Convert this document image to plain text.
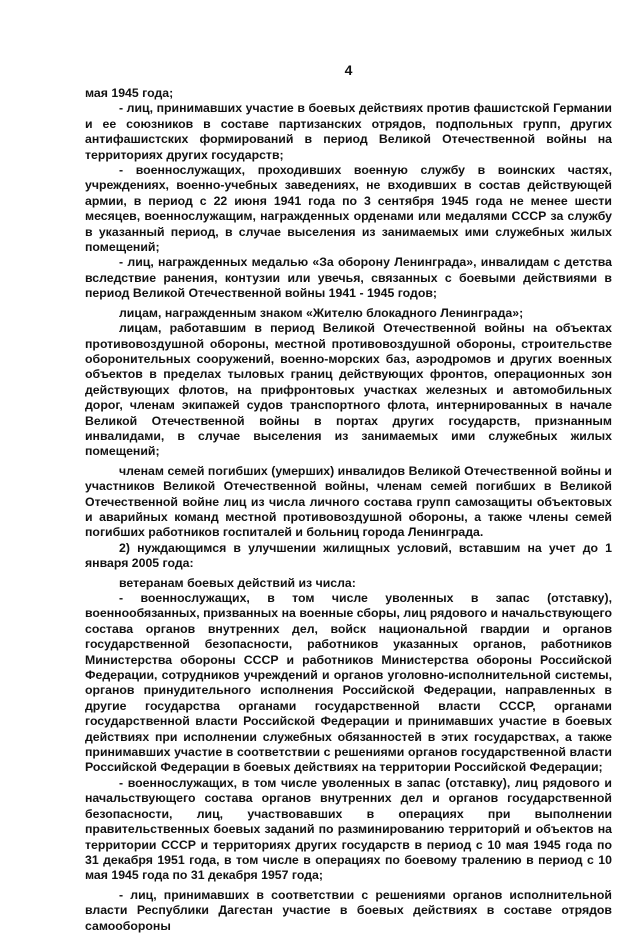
4

мая 1945 года;

- лиц, принимавших участие в боевых действиях против фашистской Германии и ее союзников в составе партизанских отрядов, подпольных групп, других антифашистских формирований в период Великой Отечественной войны на территориях других государств;

- военнослужащих, проходивших военную службу в воинских частях, учреждениях, военно-учебных заведениях, не входивших в состав действующей армии, в период с 22 июня 1941 года по 3 сентября 1945 года не менее шести месяцев, военнослужащим, награжденных орденами или медалями СССР за службу в указанный период, в случае выселения из занимаемых ими служебных жилых помещений;

- лиц, награжденных медалью «За оборону Ленинграда», инвалидам с детства вследствие ранения, контузии или увечья, связанных с боевыми действиями в период Великой Отечественной войны 1941 - 1945 годов;

лицам, награжденным знаком «Жителю блокадного Ленинграда»;

лицам, работавшим в период Великой Отечественной войны на объектах противовоздушной обороны, местной противовоздушной обороны, строительстве оборонительных сооружений, военно-морских баз, аэродромов и других военных объектов в пределах тыловых границ действующих фронтов, операционных зон действующих флотов, на прифронтовых участках железных и автомобильных дорог, членам экипажей судов транспортного флота, интернированных в начале Великой Отечественной войны в портах других государств, признанным инвалидами, в случае выселения из занимаемых ими служебных жилых помещений;

членам семей погибших (умерших) инвалидов Великой Отечественной войны и участников Великой Отечественной войны, членам семей погибших в Великой Отечественной войне лиц из числа личного состава групп самозащиты объектовых и аварийных команд местной противовоздушной обороны, а также члены семей погибших работников госпиталей и больниц города Ленинграда.

2) нуждающимся в улучшении жилищных условий, вставшим на учет до 1 января 2005 года:

ветеранам боевых действий из числа:

- военнослужащих, в том числе уволенных в запас (отставку), военнообязанных, призванных на военные сборы, лиц рядового и начальствующего состава органов внутренних дел, войск национальной гвардии и органов государственной безопасности, работников указанных органов, работников Министерства обороны СССР и работников Министерства обороны Российской Федерации, сотрудников учреждений и органов уголовно-исполнительной системы, органов принудительного исполнения Российской Федерации, направленных в другие государства органами государственной власти СССР, органами государственной власти Российской Федерации и принимавших участие в боевых действиях при исполнении служебных обязанностей в этих государствах, а также принимавших участие в соответствии с решениями органов государственной власти Российской Федерации в боевых действиях на территории Российской Федерации;

- военнослужащих, в том числе уволенных в запас (отставку), лиц рядового и начальствующего состава органов внутренних дел и органов государственной безопасности, лиц, участвовавших в операциях при выполнении правительственных боевых заданий по разминированию территорий и объектов на территории СССР и территориях других государств в период с 10 мая 1945 года по 31 декабря 1951 года, в том числе в операциях по боевому тралению в период с 10 мая 1945 года по 31 декабря 1957 года;

- лиц, принимавших в соответствии с решениями органов исполнительной власти Республики Дагестан участие в боевых действиях в составе отрядов самообороны
